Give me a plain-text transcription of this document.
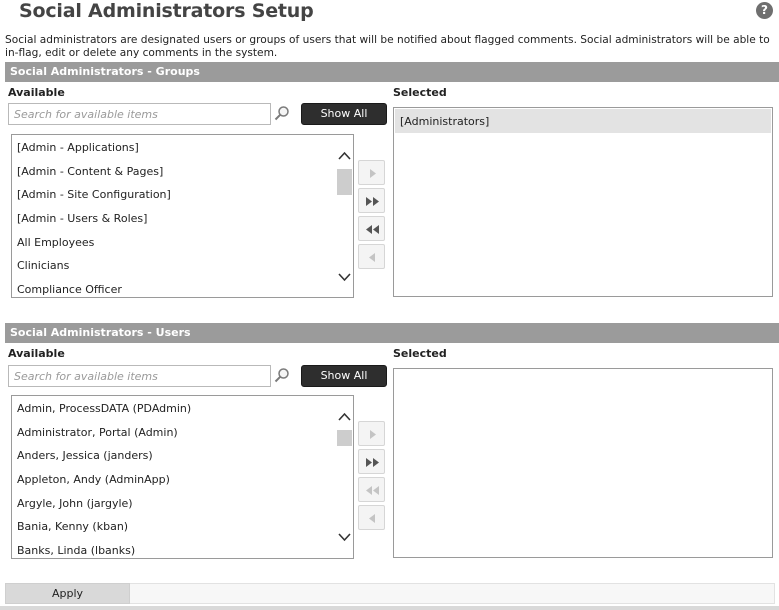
Social Administrators Setup	?
Social administrators are designated users or groups of users that will be notified about flagged comments. Social administrators will be able to in-flag, edit or delete any comments in the system.
Social Administrators - Groups
Available	Selected
Search for available items
Show All
[Admin - Applications]
[Admin - Content & Pages]
[Admin - Site Configuration]
[Admin - Users & Roles]
All Employees
Clinicians
Compliance Officer
[Administrators]
Social Administrators - Users
Available	Selected
Search for available items
Show All
Admin, ProcessDATA (PDAdmin)
Administrator, Portal (Admin)
Anders, Jessica (janders)
Appleton, Andy (AdminApp)
Argyle, John (jargyle)
Bania, Kenny (kban)
Banks, Linda (lbanks)
Apply
